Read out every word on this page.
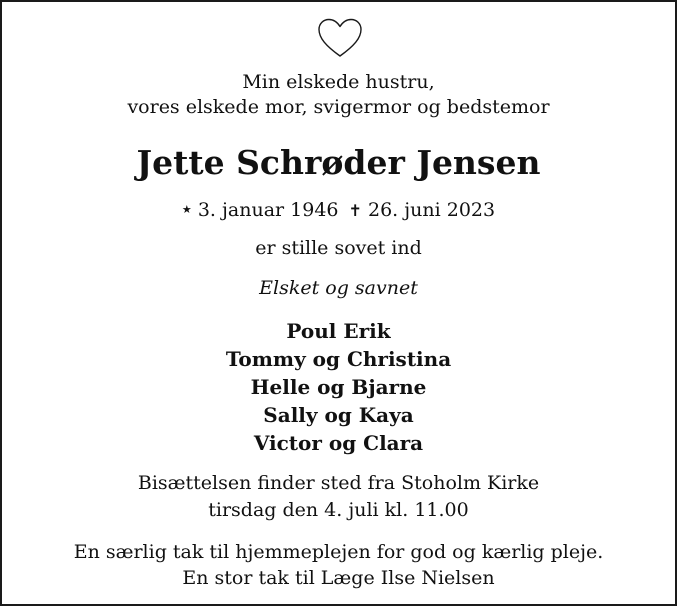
Min elskede hustru,
vores elskede mor, svigermor og bedstemor
Jette Schrøder Jensen
★ 3. januar 1946 ✝ 26. juni 2023
er stille sovet ind
Elsket og savnet
Poul Erik
Tommy og Christina
Helle og Bjarne
Sally og Kaya
Victor og Clara
Bisættelsen finder sted fra Stoholm Kirke
tirsdag den 4. juli kl. 11.00
En særlig tak til hjemmeplejen for god og kærlig pleje.
En stor tak til Læge Ilse Nielsen
